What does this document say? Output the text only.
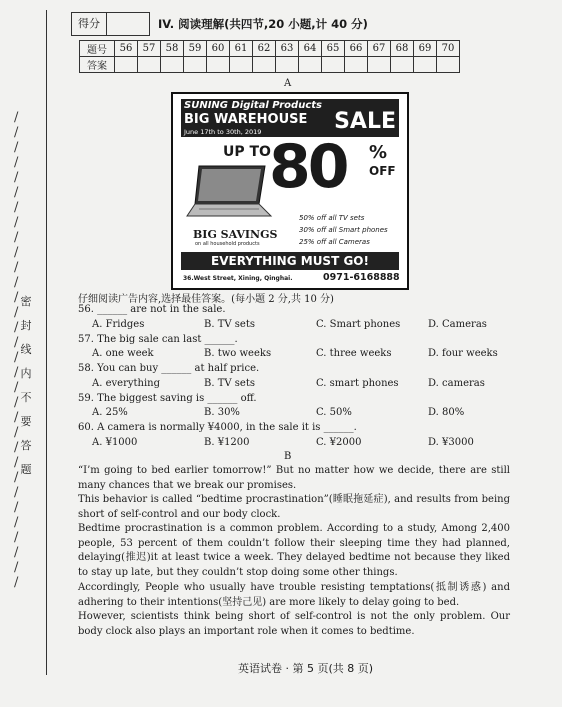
/
/
/
/
/
/
/
/
/
/
/
/
/
/
/
/
/
/
/
/
/
/
/
/
/
/
/
/
/
/
/
/
密
封
线
内
不
要
答
题
得分	IV. 阅读理解(共四节,20 小题,计 40 分)
题号	56	57	58	59	60	61	62	63	64	65	66	67	68	69	70
答案															
A
SUNING Digital Products
BIG WAREHOUSE
June 17th to 30th, 2019	SALE
UP TO
80 %
OFF
BIG SAVINGS
on all household products
50% off all TV sets
30% off all Smart phones
25% off all Cameras
EVERYTHING MUST GO!
36.West Street, Xining, Qinghai.	0971-6168888
仔细阅读广告内容,选择最佳答案。(每小题 2 分,共 10 分)
56. ______ are not in the sale.
A. Fridges	B. TV sets	C. Smart phones	D. Cameras
57. The big sale can last ______.
A. one week	B. two weeks	C. three weeks	D. four weeks
58. You can buy ______ at half price.
A. everything	B. TV sets	C. smart phones	D. cameras
59. The biggest saving is ______ off.
A. 25%	B. 30%	C. 50%	D. 80%
60. A camera is normally ¥4000, in the sale it is ______.
A. ¥1000	B. ¥1200	C. ¥2000	D. ¥3000
B
“I’m going to bed earlier tomorrow!” But no matter how we decide, there are still many chances that we break our promises.
This behavior is called “bedtime procrastination”(睡眠拖延症), and results from being short of self-control and our body clock.
Bedtime procrastination is a common problem. According to a study, Among 2,400 people, 53 percent of them couldn’t follow their sleeping time they had planned, delaying(推迟)it at least twice a week. They delayed bedtime not because they liked to stay up late, but they couldn’t stop doing some other things.
Accordingly, People who usually have trouble resisting temptations(抵制诱惑) and adhering to their intentions(坚持己见) are more likely to delay going to bed.
However, scientists think being short of self-control is not the only problem. Our body clock also plays an important role when it comes to bedtime.
英语试卷 · 第 5 页(共 8 页)
